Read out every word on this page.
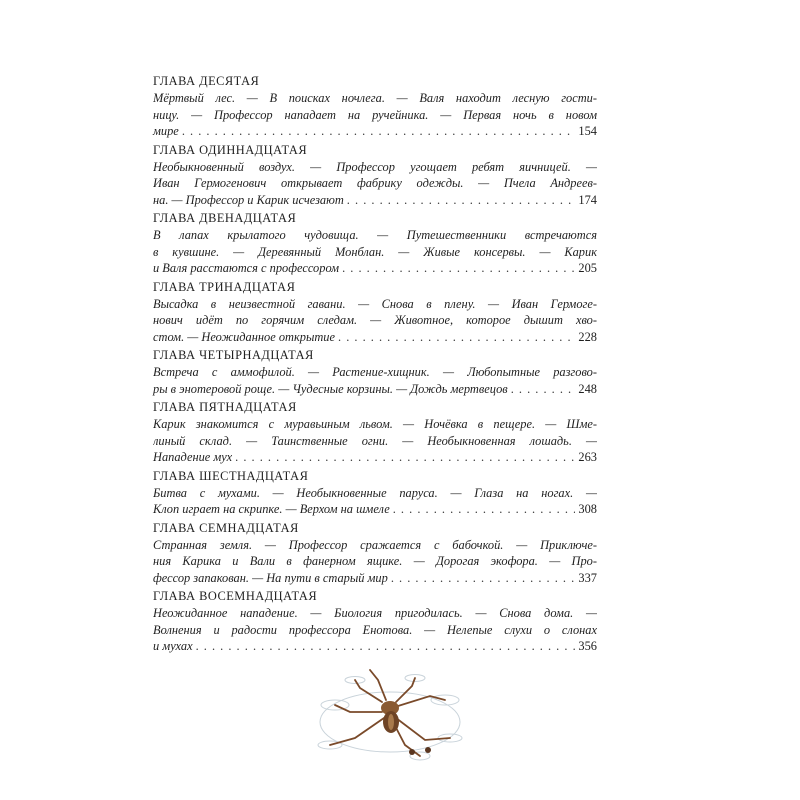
ГЛАВА ДЕСЯТАЯ
Мёртвый лес. — В поисках ночлега. — Валя находит лесную гости-
ницу. — Профессор нападает на ручейника. — Первая ночь в новом
мире . . .	154
ГЛАВА ОДИННАДЦАТАЯ
Необыкновенный воздух. — Профессор угощает ребят яичницей. —
Иван Гермогенович открывает фабрику одежды. — Пчела Андреев-
на. — Профессор и Карик исчезают . . .	174
ГЛАВА ДВЕНАДЦАТАЯ
В лапах крылатого чудовища. — Путешественники встречаются
в кувшине. — Деревянный Монблан. — Живые консервы. — Карик
и Валя расстаются с профессором . . .	205
ГЛАВА ТРИНАДЦАТАЯ
Высадка в неизвестной гавани. — Снова в плену. — Иван Гермоге-
нович идёт по горячим следам. — Животное, которое дышит хво-
стом. — Неожиданное открытие . . .	228
ГЛАВА ЧЕТЫРНАДЦАТАЯ
Встреча с аммофилой. — Растение-хищник. — Любопытные разгово-
ры в энотеровой роще. — Чудесные корзины. — Дождь мертвецов . . .	248
ГЛАВА ПЯТНАДЦАТАЯ
Карик знакомится с муравьиным львом. — Ночёвка в пещере. — Шме-
линый склад. — Таинственные огни. — Необыкновенная лошадь. —
Нападение мух . . .	263
ГЛАВА ШЕСТНАДЦАТАЯ
Битва с мухами. — Необыкновенные паруса. — Глаза на ногах. —
Клоп играет на скрипке. — Верхом на шмеле . . .	308
ГЛАВА СЕМНАДЦАТАЯ
Странная земля. — Профессор сражается с бабочкой. — Приключе-
ния Карика и Вали в фанерном ящике. — Дорогая экофора. — Про-
фессор запакован. — На пути в старый мир . . .	337
ГЛАВА ВОСЕМНАДЦАТАЯ
Неожиданное нападение. — Биология пригодилась. — Снова дома. —
Волнения и радости профессора Енотова. — Нелепые слухи о слонах
и мухах . . .	356
